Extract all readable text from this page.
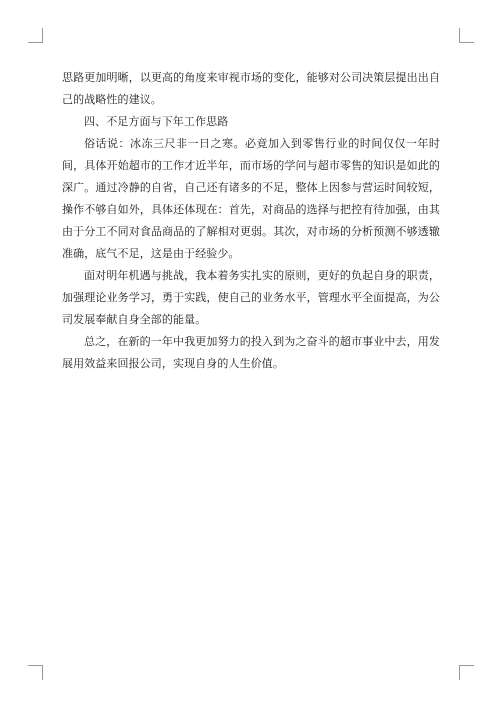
思路更加明晰，以更高的角度来审视市场的变化，能够对公司决策层提出出自己的战略性的建议。

四、不足方面与下年工作思路

俗话说：冰冻三尺非一日之寒。必竟加入到零售行业的时间仅仅一年时间，具体开始超市的工作才近半年，而市场的学问与超市零售的知识是如此的深广。通过冷静的自省，自己还有诸多的不足，整体上因参与营运时间较短，操作不够自如外，具体还体现在：首先，对商品的选择与把控有待加强，由其由于分工不同对食品商品的了解相对更弱。其次，对市场的分析预测不够透辙准确，底气不足，这是由于经验少。

面对明年机遇与挑战，我本着务实扎实的原则，更好的负起自身的职责，加强理论业务学习，勇于实践，使自己的业务水平，管理水平全面提高，为公司发展奉献自身全部的能量。

总之，在新的一年中我更加努力的投入到为之奋斗的超市事业中去，用发展用效益来回报公司，实现自身的人生价值。
